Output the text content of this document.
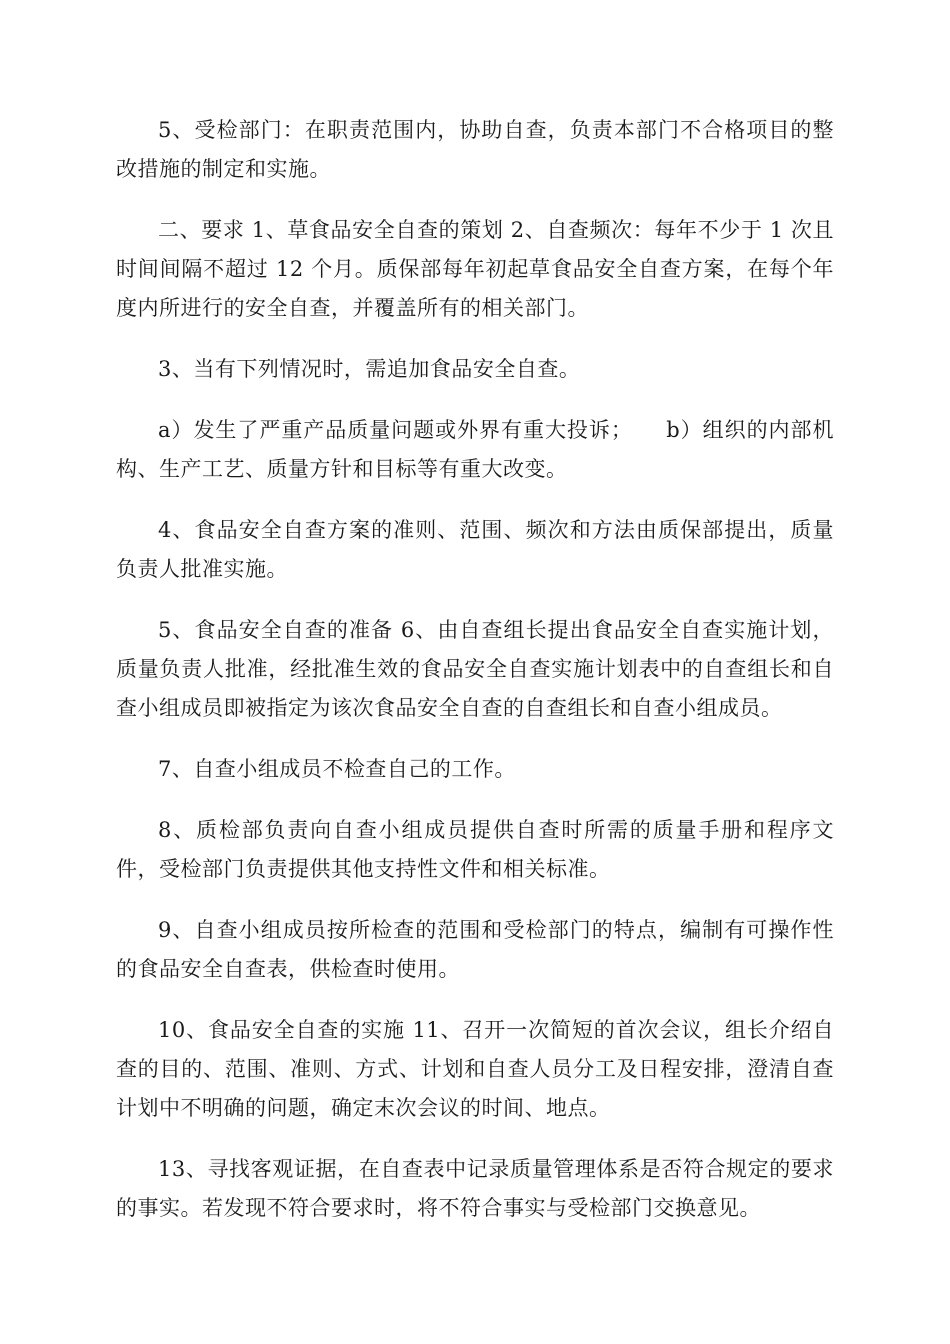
5、受检部门：在职责范围内，协助自查，负责本部门不合格项目的整改措施的制定和实施。

二、要求 1、草食品安全自查的策划 2、自查频次：每年不少于 1 次且时间间隔不超过 12 个月。质保部每年初起草食品安全自查方案，在每个年度内所进行的安全自查，并覆盖所有的相关部门。

3、当有下列情况时，需追加食品安全自查。

a）发生了严重产品质量问题或外界有重大投诉；　　b）组织的内部机构、生产工艺、质量方针和目标等有重大改变。

4、食品安全自查方案的准则、范围、频次和方法由质保部提出，质量负责人批准实施。

5、食品安全自查的准备 6、由自查组长提出食品安全自查实施计划，质量负责人批准，经批准生效的食品安全自查实施计划表中的自查组长和自查小组成员即被指定为该次食品安全自查的自查组长和自查小组成员。

7、自查小组成员不检查自己的工作。

8、质检部负责向自查小组成员提供自查时所需的质量手册和程序文件，受检部门负责提供其他支持性文件和相关标准。

9、自查小组成员按所检查的范围和受检部门的特点，编制有可操作性的食品安全自查表，供检查时使用。

10、食品安全自查的实施 11、召开一次简短的首次会议，组长介绍自查的目的、范围、准则、方式、计划和自查人员分工及日程安排，澄清自查计划中不明确的问题，确定末次会议的时间、地点。

13、寻找客观证据，在自查表中记录质量管理体系是否符合规定的要求的事实。若发现不符合要求时，将不符合事实与受检部门交换意见。
